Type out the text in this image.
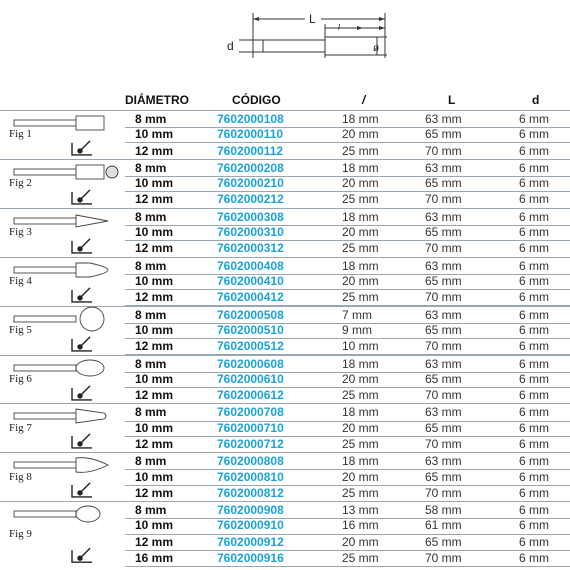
L
l
d	ø
DIÁMETRO	CÓDIGO	/	L	d
Fig 1
8 mm	7602000108	18 mm	63 mm	6 mm
10 mm	7602000110	20 mm	65 mm	6 mm
12 mm	7602000112	25 mm	70 mm	6 mm
Fig 2
8 mm	7602000208	18 mm	63 mm	6 mm
10 mm	7602000210	20 mm	65 mm	6 mm
12 mm	7602000212	25 mm	70 mm	6 mm
Fig 3
8 mm	7602000308	18 mm	63 mm	6 mm
10 mm	7602000310	20 mm	65 mm	6 mm
12 mm	7602000312	25 mm	70 mm	6 mm
Fig 4
8 mm	7602000408	18 mm	63 mm	6 mm
10 mm	7602000410	20 mm	65 mm	6 mm
12 mm	7602000412	25 mm	70 mm	6 mm
Fig 5
8 mm	7602000508	7 mm	63 mm	6 mm
10 mm	7602000510	9 mm	65 mm	6 mm
12 mm	7602000512	10 mm	70 mm	6 mm
Fig 6
8 mm	7602000608	18 mm	63 mm	6 mm
10 mm	7602000610	20 mm	65 mm	6 mm
12 mm	7602000612	25 mm	70 mm	6 mm
Fig 7
8 mm	7602000708	18 mm	63 mm	6 mm
10 mm	7602000710	20 mm	65 mm	6 mm
12 mm	7602000712	25 mm	70 mm	6 mm
Fig 8
8 mm	7602000808	18 mm	63 mm	6 mm
10 mm	7602000810	20 mm	65 mm	6 mm
12 mm	7602000812	25 mm	70 mm	6 mm
Fig 9
8 mm	7602000908	13 mm	58 mm	6 mm
10 mm	7602000910	16 mm	61 mm	6 mm
12 mm	7602000912	20 mm	65 mm	6 mm
16 mm	7602000916	25 mm	70 mm	6 mm
